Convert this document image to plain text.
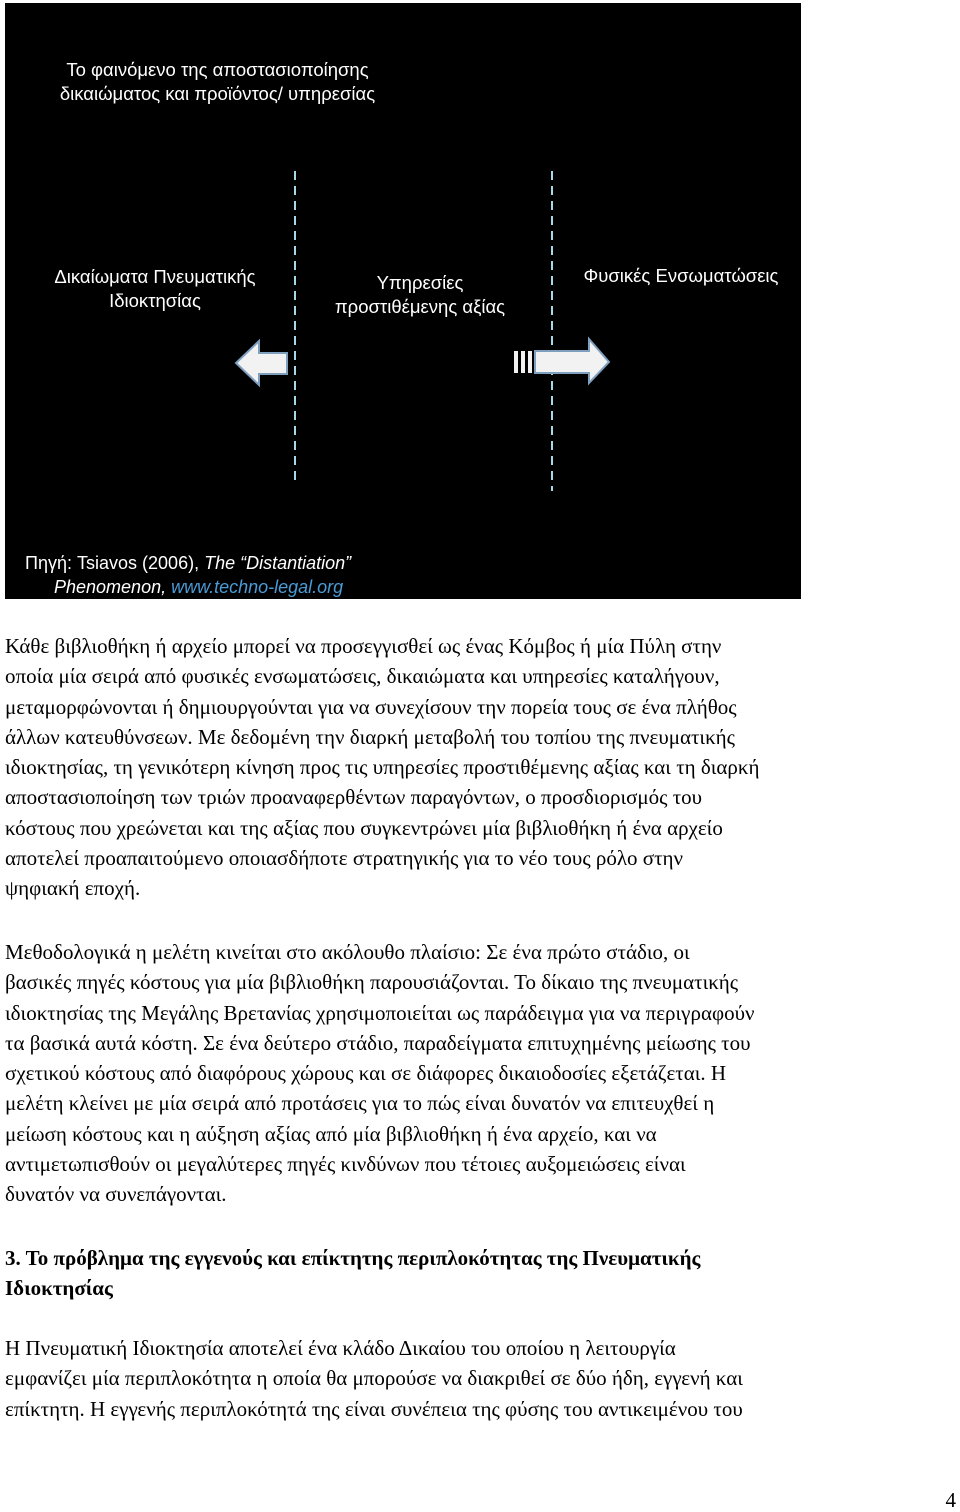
Το φαινόμενο της αποστασιοποίησης
δικαιώματος και προϊόντος/ υπηρεσίας
Δικαίωματα Πνευματικής
Ιδιοκτησίας
Υπηρεσίες
προστιθέμενης αξίας
Φυσικές Ενσωματώσεις
Πηγή: Tsiavos (2006), The “Distantiation”
Phenomenon, www.techno-legal.org
Κάθε βιβλιοθήκη ή αρχείο μπορεί να προσεγγισθεί ως ένας Κόμβος ή μία Πύλη στην
οποία μία σειρά από φυσικές ενσωματώσεις, δικαιώματα και υπηρεσίες καταλήγουν,
μεταμορφώνονται ή δημιουργούνται για να συνεχίσουν την πορεία τους σε ένα πλήθος
άλλων κατευθύνσεων. Με δεδομένη την διαρκή μεταβολή του τοπίου της πνευματικής
ιδιοκτησίας, τη γενικότερη κίνηση προς τις υπηρεσίες προστιθέμενης αξίας και τη διαρκή
αποστασιοποίηση των τριών προαναφερθέντων παραγόντων, ο προσδιορισμός του
κόστους που χρεώνεται και της αξίας που συγκεντρώνει μία βιβλιοθήκη ή ένα αρχείο
αποτελεί προαπαιτούμενο οποιασδήποτε στρατηγικής για το νέο τους ρόλο στην
ψηφιακή εποχή.
Μεθοδολογικά η μελέτη κινείται στο ακόλουθο πλαίσιο: Σε ένα πρώτο στάδιο, οι
βασικές πηγές κόστους για μία βιβλιοθήκη παρουσιάζονται. Το δίκαιο της πνευματικής
ιδιοκτησίας της Μεγάλης Βρετανίας χρησιμοποιείται ως παράδειγμα για να περιγραφούν
τα βασικά αυτά κόστη. Σε ένα δεύτερο στάδιο, παραδείγματα επιτυχημένης μείωσης του
σχετικού κόστους από διαφόρους χώρους και σε διάφορες δικαιοδοσίες εξετάζεται. Η
μελέτη κλείνει με μία σειρά από προτάσεις για το πώς είναι δυνατόν να επιτευχθεί η
μείωση κόστους και η αύξηση αξίας από μία βιβλιοθήκη ή ένα αρχείο, και να
αντιμετωπισθούν οι μεγαλύτερες πηγές κινδύνων που τέτοιες αυξομειώσεις είναι
δυνατόν να συνεπάγονται.
3. Το πρόβλημα της εγγενούς και επίκτητης περιπλοκότητας της Πνευματικής
Ιδιοκτησίας
Η Πνευματική Ιδιοκτησία αποτελεί ένα κλάδο Δικαίου του οποίου η λειτουργία
εμφανίζει μία περιπλοκότητα η οποία θα μπορούσε να διακριθεί σε δύο ήδη, εγγενή και
επίκτητη. Η εγγενής περιπλοκότητά της είναι συνέπεια της φύσης του αντικειμένου του
4
